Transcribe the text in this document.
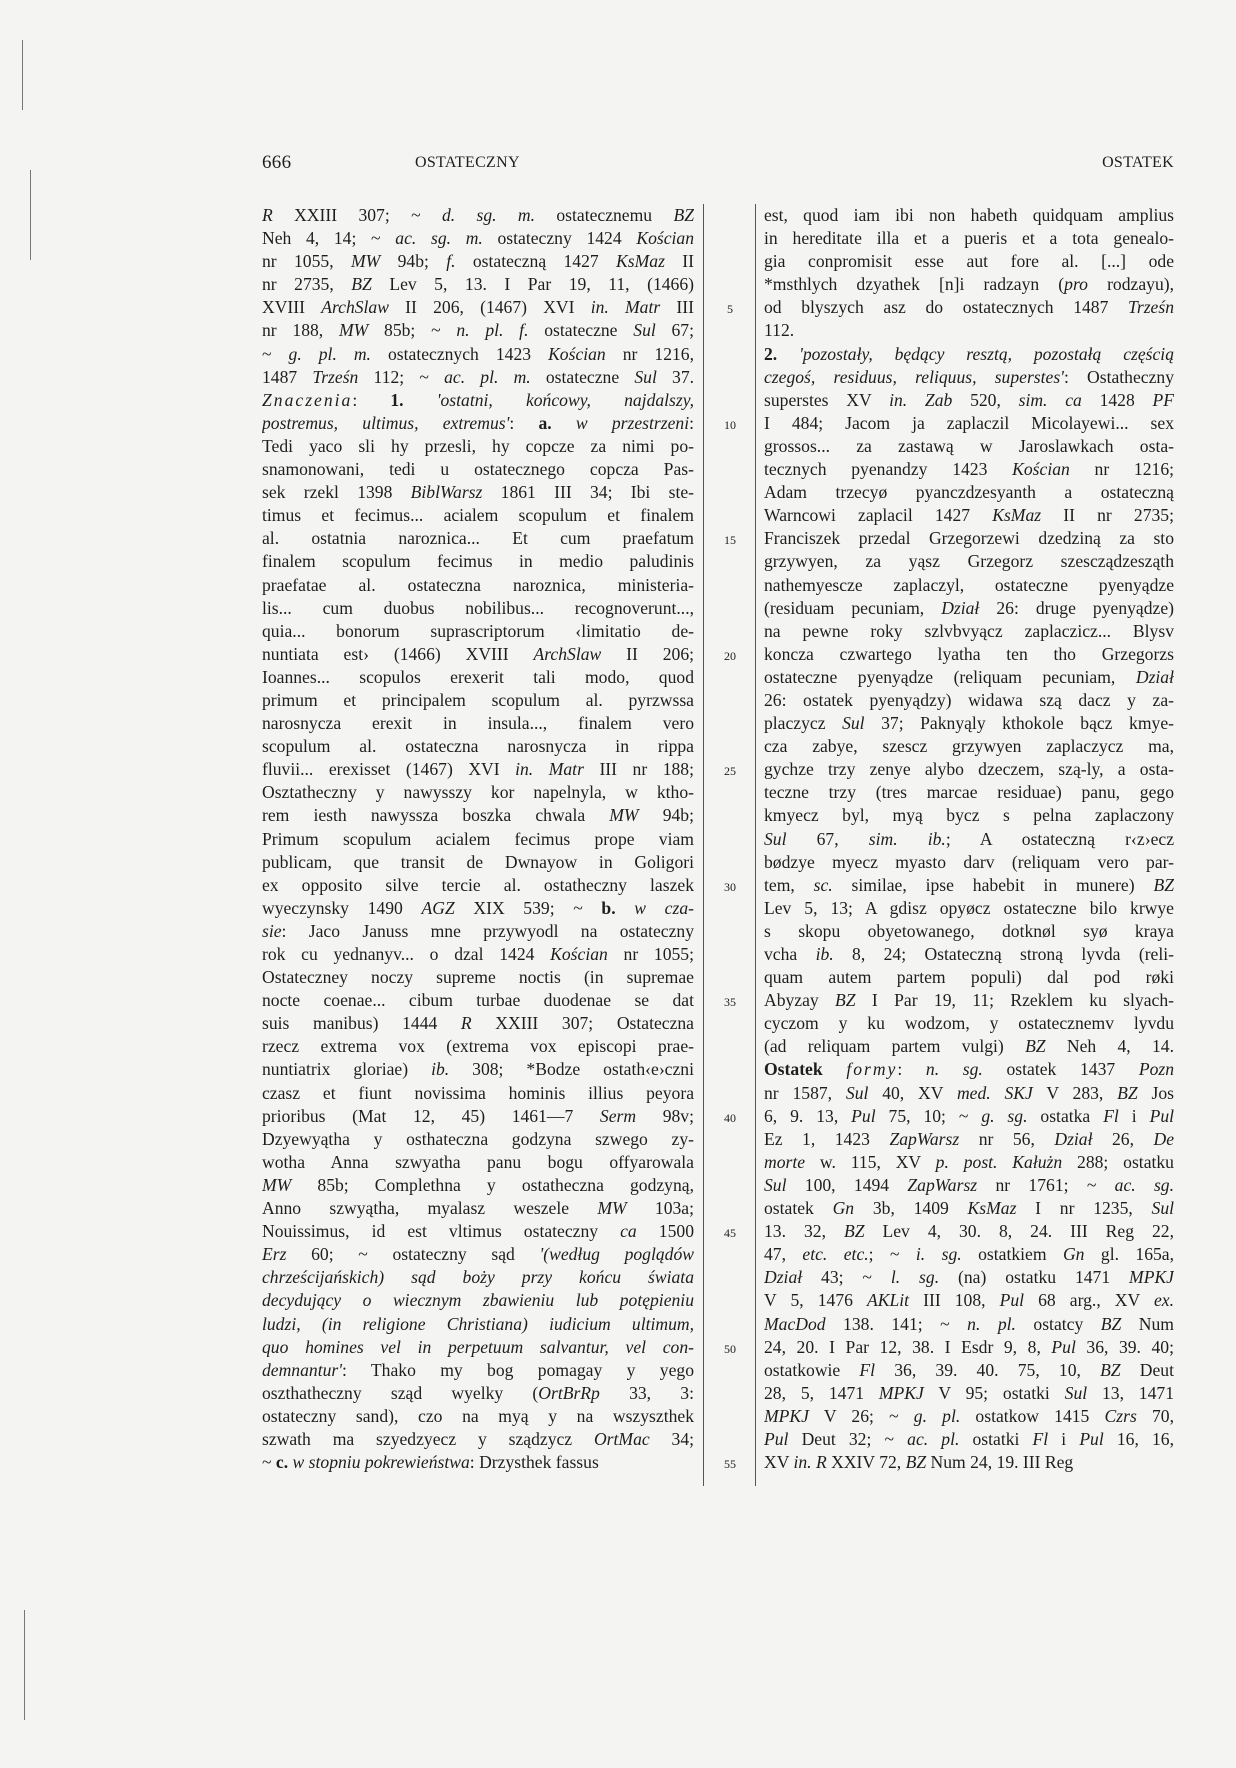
666	OSTATECZNY	OSTATEK
R XXIII 307; ~ d. sg. m. ostatecznemu BZ
Neh 4, 14; ~ ac. sg. m. ostateczny 1424 Kościan
nr 1055, MW 94b; f. ostateczną 1427 KsMaz II
nr 2735, BZ Lev 5, 13. I Par 19, 11, (1466)
XVIII ArchSlaw II 206, (1467) XVI in. Matr III
nr 188, MW 85b; ~ n. pl. f. ostateczne Sul 67;
~ g. pl. m. ostatecznych 1423 Kościan nr 1216,
1487 Trześn 112; ~ ac. pl. m. ostateczne Sul 37.
Znaczenia: 1. 'ostatni, końcowy, najdalszy,
postremus, ultimus, extremus': a. w przestrzeni:
Tedi yaco sli hy przesli, hy copcze za nimi po-
snamonowani, tedi u ostatecznego copcza Pas-
sek rzekl 1398 BiblWarsz 1861 III 34; Ibi ste-
timus et fecimus... acialem scopulum et finalem
al. ostatnia naroznica... Et cum praefatum
finalem scopulum fecimus in medio paludinis
praefatae al. ostateczna naroznica, ministeria-
lis... cum duobus nobilibus... recognoverunt...,
quia... bonorum suprascriptorum ‹limitatio de-
nuntiata est› (1466) XVIII ArchSlaw II 206;
Ioannes... scopulos erexerit tali modo, quod
primum et principalem scopulum al. pyrzwssa
narosnycza erexit in insula..., finalem vero
scopulum al. ostateczna narosnycza in rippa
fluvii... erexisset (1467) XVI in. Matr III nr 188;
Osztatheczny y nawysszy kor napelnyla, w kthо-
rem iesth nawyssza boszka chwala MW 94b;
Primum scopulum acialem fecimus prope viam
publicam, que transit de Dwnayow in Goligori
ex opposito silve tercie al. ostatheczny laszek
wyeczynsky 1490 AGZ XIX 539; ~ b. w cza-
sie: Jaco Januss mne przywyodl na ostateczny
rok cu yednanyv... o dzal 1424 Kościan nr 1055;
Ostateczney noczy supreme noctis (in supremae
nocte coenae... cibum turbae duodenae se dat
suis manibus) 1444 R XXIII 307; Ostateczna
rzecz extrema vox (extrema vox episcopi prae-
nuntiatrix gloriae) ib. 308; *Bodze ostath‹e›czni
czasz et fiunt novissima hominis illius peyora
prioribus (Mat 12, 45) 1461—7 Serm 98v;
Dzyewyątha y osthateczna godzyna szwego zy-
wotha Anna szwyatha panu bogu offyarowala
MW 85b; Complethna y ostatheczna godzyną,
Anno szwyątha, myalasz weszele MW 103a;
Nouissimus, id est vltimus ostateczny ca 1500
Erz 60; ~ ostateczny sąd '(według poglądów
chrześcijańskich) sąd boży przy końcu świata
decydujący o wiecznym zbawieniu lub potępieniu
ludzi, (in religione Christiana) iudicium ultimum,
quo homines vel in perpetuum salvantur, vel con-
demnantur': Thako my bog pomagay y yego
oszthatheczny sząd wyelky (OrtBrRp 33, 3:
ostateczny sand), czo na myą y na wszyszthek
szwath ma szyedzyecz y sządzycz OrtMac 34;
~ c. w stopniu pokrewieństwa: Drzysthek fassus
5
10
15
20
25
30
35
40
45
50
55
est, quod iam ibi non habeth quidquam amplius
in hereditate illa et a pueris et a tota genealo-
gia conpromisit esse aut fore al. [...] ode
*msthlych dzyathek [n]i radzayn (pro rodzayu),
od blyszych asz do ostatecznych 1487 Trześn
112.
2. 'pozostały, będący resztą, pozostałą częścią
czegoś, residuus, reliquus, superstes': Ostatheczny
superstes XV in. Zab 520, sim. ca 1428 PF
I 484; Jacom ja zaplaczil Micolayewi... sex
grossos... za zastawą w Jaroslawkach osta-
tecznych pyenandzy 1423 Kościan nr 1216;
Adam trzecyø pyanczdzesyanth a ostateczną
Warncowi zaplacil 1427 KsMaz II nr 2735;
Franciszek przedal Grzegorzewi dzedziną za sto
grzywyen, za yąsz Grzegorz szescządzesząth
nathemyescze zaplaczyl, ostateczne pyenyądze
(residuam pecuniam, Dział 26: druge pyenyądze)
na pewne roky szlvbvyącz zaplaczicz... Blysv
koncza czwartego lyatha ten tho Grzegorzs
ostateczne pyenyądze (reliquam pecuniam, Dział
26: ostatek pyenyądzy) widawa szą dacz y za-
placzycz Sul 37; Paknyąly kthokole bącz kmye-
cza zabye, szescz grzywyen zaplaczycz ma,
gychze trzy zenye alybo dzeczem, szą-ly, a osta-
teczne trzy (tres marcae residuae) panu, gego
kmyecz byl, myą bycz s pelna zaplaczony
Sul 67, sim. ib.; A ostateczną r‹z›ecz
bødzye myecz myasto darv (reliquam vero par-
tem, sc. similae, ipse habebit in munere) BZ
Lev 5, 13; A gdisz opyøcz ostateczne bilo krwye
s skopu obyetowanego, dotknøl syø kraya
vcha ib. 8, 24; Ostateczną stroną lyvda (reli-
quam autem partem populi) dal pod røki
Abyzay BZ I Par 19, 11; Rzeklem ku slyach-
cyczom y ku wodzom, y ostatecznemv lyvdu
(ad reliquam partem vulgi) BZ Neh 4, 14.
Ostatek formy: n. sg. ostatek 1437 Pozn
nr 1587, Sul 40, XV med. SKJ V 283, BZ Jos
6, 9. 13, Pul 75, 10; ~ g. sg. ostatka Fl i Pul
Ez 1, 1423 ZapWarsz nr 56, Dział 26, De
morte w. 115, XV p. post. Kałużn 288; ostatku
Sul 100, 1494 ZapWarsz nr 1761; ~ ac. sg.
ostatek Gn 3b, 1409 KsMaz I nr 1235, Sul
13. 32, BZ Lev 4, 30. 8, 24. III Reg 22,
47, etc. etc.; ~ i. sg. ostatkiem Gn gl. 165a,
Dział 43; ~ l. sg. (na) ostatku 1471 MPKJ
V 5, 1476 AKLit III 108, Pul 68 arg., XV ex.
MacDod 138. 141; ~ n. pl. ostatcy BZ Num
24, 20. I Par 12, 38. I Esdr 9, 8, Pul 36, 39. 40;
ostatkowie Fl 36, 39. 40. 75, 10, BZ Deut
28, 5, 1471 MPKJ V 95; ostatki Sul 13, 1471
MPKJ V 26; ~ g. pl. ostatkow 1415 Czrs 70,
Pul Deut 32; ~ ac. pl. ostatki Fl i Pul 16, 16,
XV in. R XXIV 72, BZ Num 24, 19. III Reg
